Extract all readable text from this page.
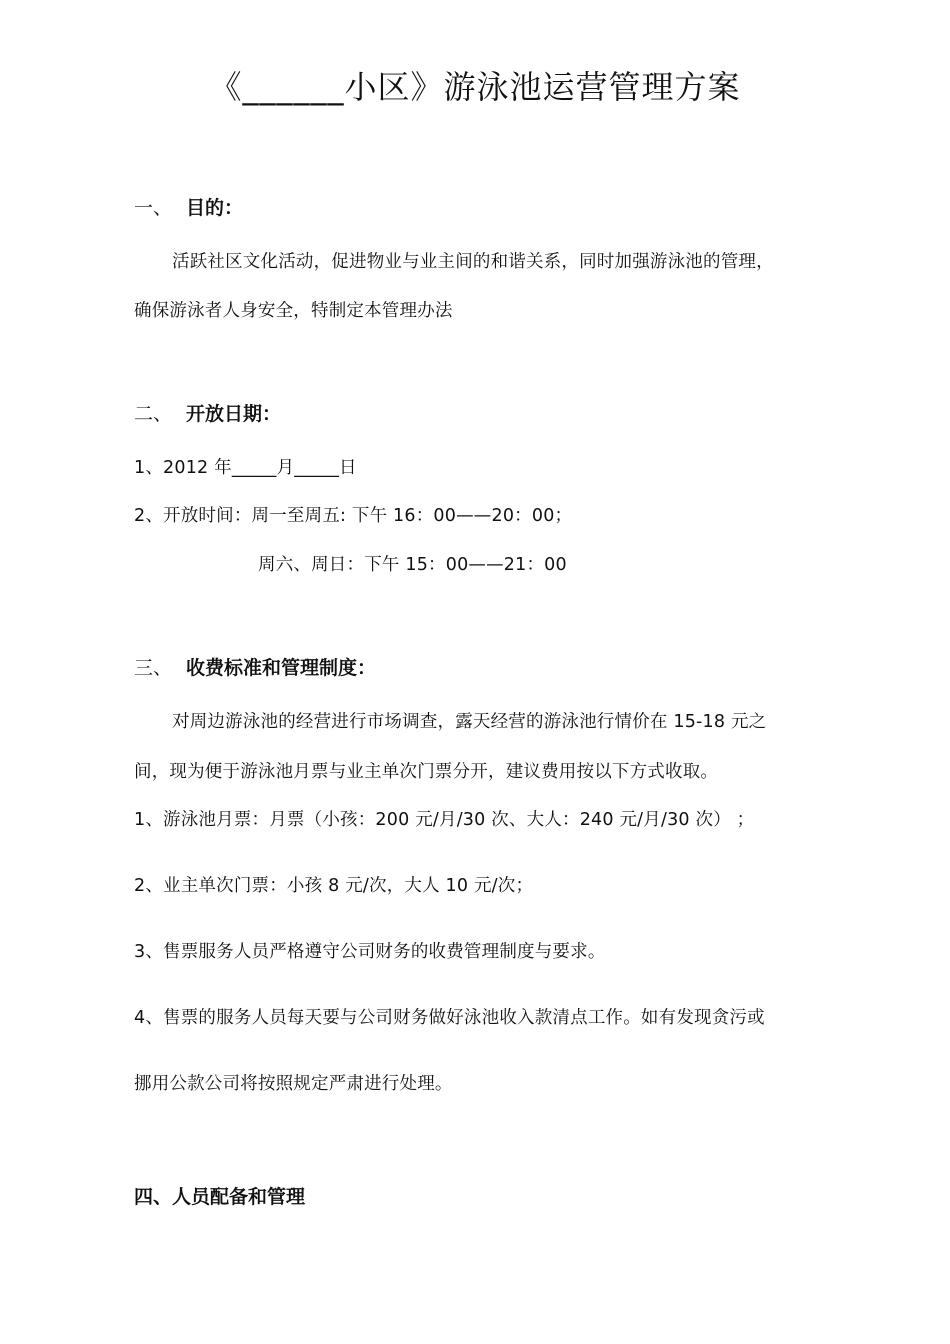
《______小区》游泳池运营管理方案
一、 目的：
活跃社区文化活动，促进物业与业主间的和谐关系，同时加强游泳池的管理，
确保游泳者人身安全，特制定本管理办法
二、 开放日期：
1、2012 年_____月_____日
2、开放时间：周一至周五: 下午 16：00——20：00；
周六、周日：下午 15：00——21：00
三、 收费标准和管理制度：
对周边游泳池的经营进行市场调查，露天经营的游泳池行情价在 15-18 元之
间，现为便于游泳池月票与业主单次门票分开，建议费用按以下方式收取。
1、游泳池月票：月票（小孩：200 元/月/30 次、大人：240 元/月/30 次） ；
2、业主单次门票：小孩 8 元/次，大人 10 元/次；
3、售票服务人员严格遵守公司财务的收费管理制度与要求。
4、售票的服务人员每天要与公司财务做好泳池收入款清点工作。如有发现贪污或
挪用公款公司将按照规定严肃进行处理。
四、人员配备和管理
